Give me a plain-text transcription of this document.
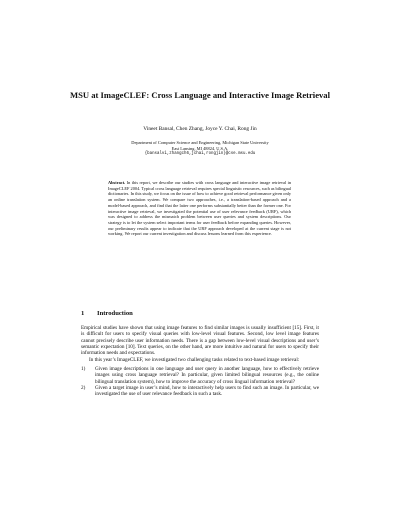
MSU at ImageCLEF: Cross Language and Interactive Image Retrieval
Vineet Bansal, Chen Zhang, Joyce Y. Chai, Rong Jin
Department of Computer Science and Engineering, Michigan State University
East Lansing, MI 48824, U.S.A.
{bansalvi,zhangch6,jchai,rongjin}@cse.msu.edu
Abstract. In this report, we describe our studies with cross language and interactive image retrieval in ImageCLEF 2004. Typical cross language retrieval requires special linguistic resources, such as bilingual dictionaries. In this study, we focus on the issue of how to achieve good retrieval performance given only an online translation system. We compare two approaches, i.e., a translation-based approach and a model-based approach, and find that the latter one performs substantially better than the former one. For interactive image retrieval, we investigated the potential use of user relevance feedback (URF), which was designed to address the mismatch problem between user queries and system descriptions. Our strategy is to let the system select important terms for user feedback before expanding queries. However, our preliminary results appear to indicate that the URF approach developed at the current stage is not working. We report our current investigation and discuss lessons learned from this experience.
1 Introduction

Empirical studies have shown that using image features to find similar images is usually insufficient [15]. First, it is difficult for users to specify visual queries with low-level visual features. Second, low level image features cannot precisely describe user information needs. There is a gap between low-level visual descriptions and user’s semantic expectation [10]. Text queries, on the other hand, are more intuitive and natural for users to specify their information needs and expectations.

In this year’s ImageCLEF, we investigated two challenging tasks related to text-based image retrieval:

1) Given image descriptions in one language and user query in another language, how to effectively retrieve images using cross language retrieval? In particular, given limited bilingual resources (e.g., the online bilingual translation system), how to improve the accuracy of cross lingual information retrieval?
2) Given a target image in user’s mind, how to interactively help users to find such an image. In particular, we investigated the use of user relevance feedback in such a task.
